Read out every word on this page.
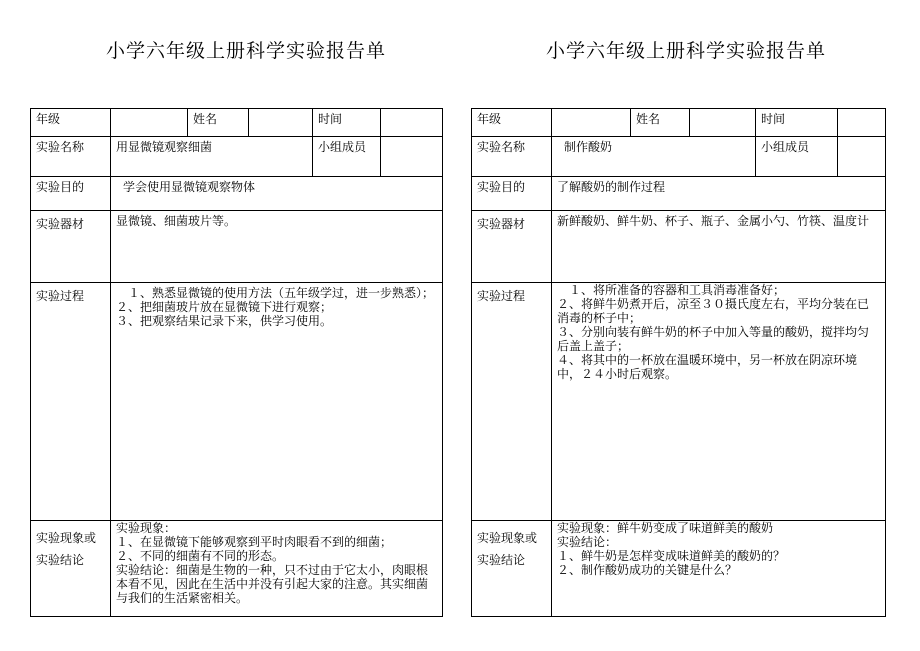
小学六年级上册科学实验报告单
年级		姓名		时间	
实验名称	用显微镜观察细菌			小组成员	
实验目的	学会使用显微镜观察物体				
实验器材	显微镜、细菌玻片等。				
实验过程	１、熟悉显微镜的使用方法（五年级学过，进一步熟悉）；
２、把细菌玻片放在显微镜下进行观察；
３、把观察结果记录下来，供学习使用。				

实验现象或
实验结论	实验现象：
１、在显微镜下能够观察到平时肉眼看不到的细菌；
２、不同的细菌有不同的形态。
实验结论：细菌是生物的一种，只不过由于它太小，肉眼根本看不见，因此在生活中并没有引起大家的注意。其实细菌与我们的生活紧密相关。				
小学六年级上册科学实验报告单
年级		姓名		时间	
实验名称	制作酸奶			小组成员	
实验目的	了解酸奶的制作过程				
实验器材	新鲜酸奶、鲜牛奶、杯子、瓶子、金属小勺、竹筷、温度计				
实验过程	１、将所准备的容器和工具消毒准备好；
２、将鲜牛奶煮开后，凉至３０摄氏度左右，平均分装在已消毒的杯子中；
３、分别向装有鲜牛奶的杯子中加入等量的酸奶，搅拌均匀后盖上盖子；
４、将其中的一杯放在温暖环境中，另一杯放在阴凉环境中，２４小时后观察。				

实验现象或
实验结论	实验现象：鲜牛奶变成了味道鲜美的酸奶
实验结论：
１、鲜牛奶是怎样变成味道鲜美的酸奶的？
２、制作酸奶成功的关键是什么？				
